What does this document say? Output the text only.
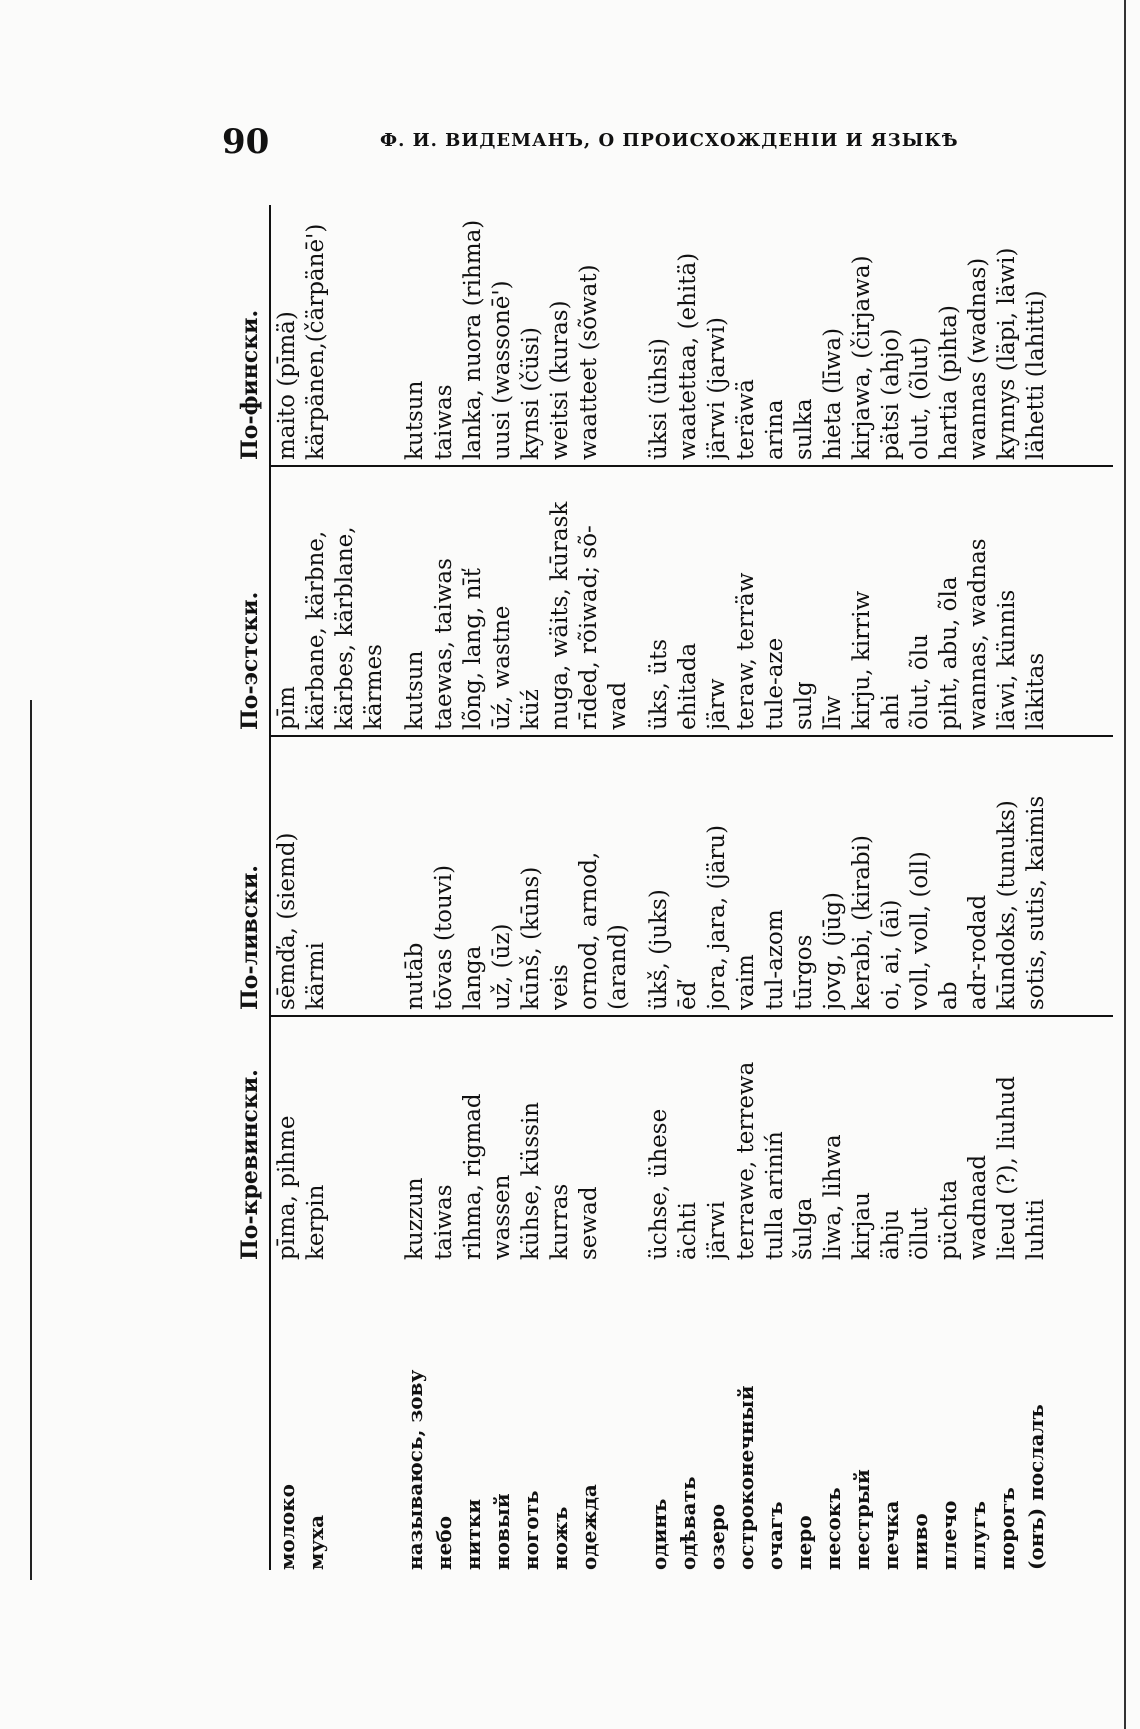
90	Ф. И. ВИДЕМАНЪ, О ПРОИСХОЖДЕНІИ И ЯЗЫКѢ
По-кревински.
По-ливски.
По-эстски.
По-фински.
молоко
pīma, pihme
sēmďa, (siemd)
pīm
maito (pīmä)
муха
kerpin
kärmi
kärbane, kärbne,
kärpänen,(čärpänē')
kärbes, kärblane, kärmes
называюсь, зову
kuzzun
nutāb
kutsun
kutsun
небо
taiwas
tōvas (touvi)
taewas, taiwas
taiwas
нитки
rihma, rigmad
langa
lõng, lang, nīť
lanka, nuora (rihma)
новый
wassen
už, (ūz)
ūź, wastne
uusi (wassonē')
ноготь
kühse, küssin
kūnš, (kūns)
küź
kynsi (čüsi)
ножъ
kurras
veis
nuga, wäits, kūrask
weitsi (kuras)
одежда
sewad
ornod, arnod,
rīded, rõiwad; sõ-
waatteet (sõwat)
(arand)
wad
одинъ
üchse, ühese
ükš, (juks)
üks, üts
üksi (ühsi)
одѣвать
ächti
ēď
ehitada
waatettaa, (ehitä)
озеро
järwi
jora, jara, (järu)
järw
järwi (jarwi)
остроконечный
terrawe, terrewa
vaim
teraw, terräw
teräwä
очагъ
tulla ariniń
tul-azom
tule-aze
arina
перо
šulga
tūrgos
sulg
sulka
песокъ
liwa, lihwa
jovg, (jūg)
līw
hieta (līwa)
пестрый
kirjau
kerabi, (kirabi)
kirju, kirriw
kirjawa, (čirjawa)
печка
ähju
oi, ai, (āi)
ahi
pätsi (ahjo)
пиво
öllut
voll, voll, (oll)
õlut, õlu
olut, (õlut)
плечо
püchta
ab
piht, abu, õla
hartia (pihta)
плугъ
wadnaad
adr-rodad
wannas, wadnas
wannas (wadnas)
порогъ
lieud (?), liuhud
kūndoks, (tunuks)
läwi, künnis
kynnys (läpi, läwi)
(онъ) послалъ
luhiti
sotis, sutis, kaimis
läkitas
lähetti (lahitti)
